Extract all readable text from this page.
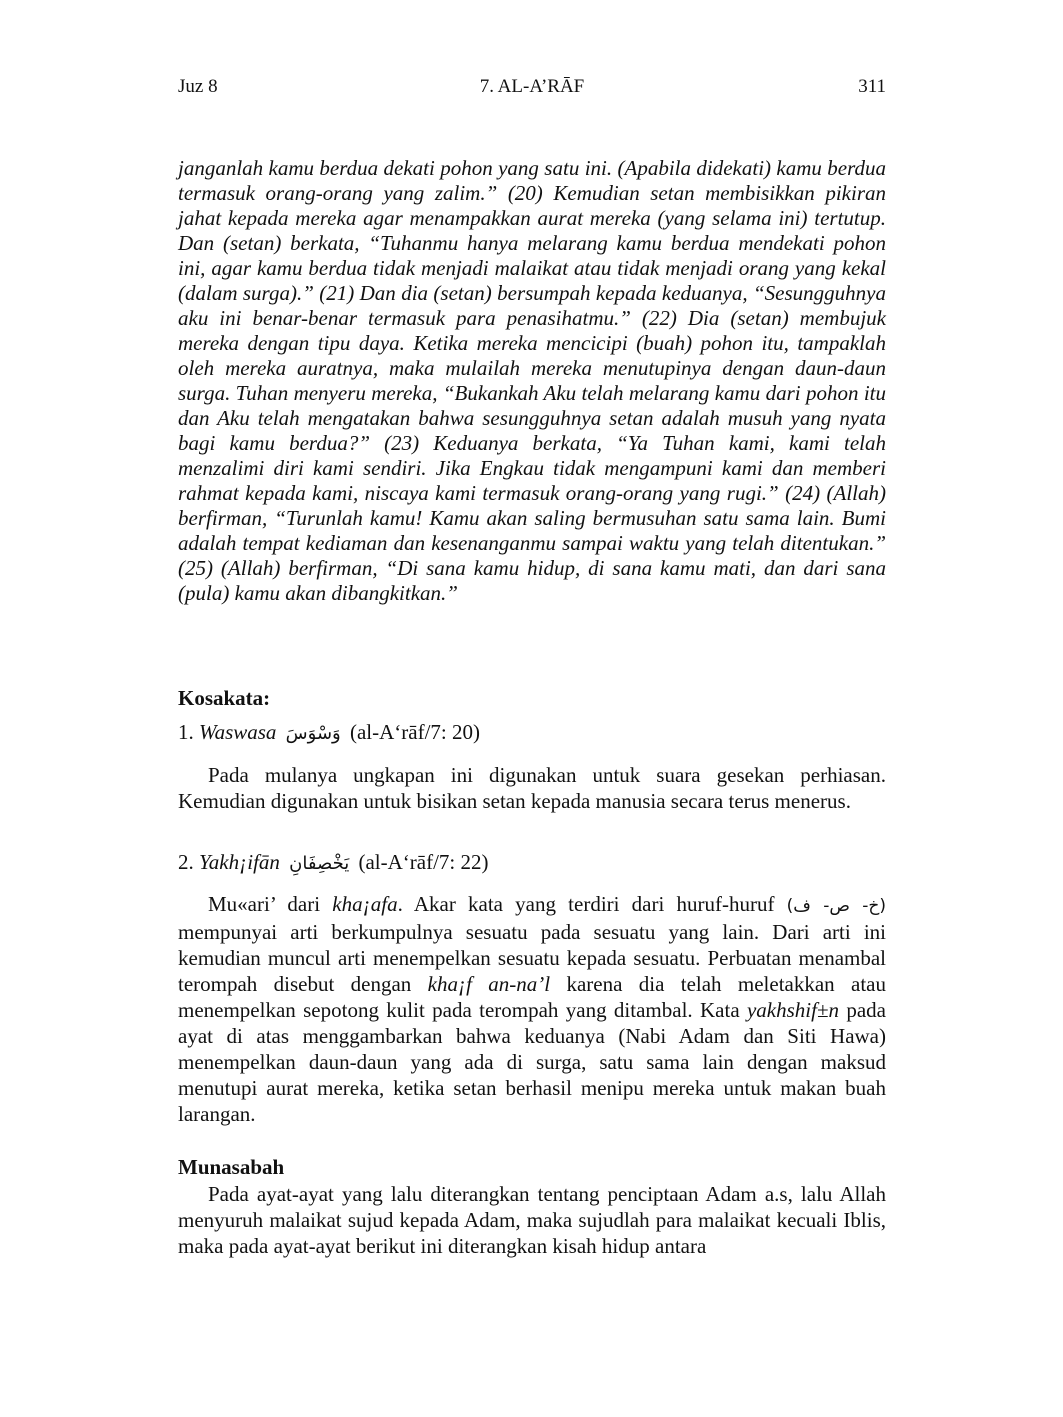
Juz 8	7. AL-A’RĀF	311

janganlah kamu berdua dekati pohon yang satu ini. (Apabila didekati) kamu berdua termasuk orang-orang yang zalim.” (20) Kemudian setan membisikkan pikiran jahat kepada mereka agar menampakkan aurat mereka (yang selama ini) tertutup. Dan (setan) berkata, “Tuhanmu hanya melarang kamu berdua mendekati pohon ini, agar kamu berdua tidak menjadi malaikat atau tidak menjadi orang yang kekal (dalam surga).” (21) Dan dia (setan) bersumpah kepada keduanya, “Sesungguhnya aku ini benar-benar termasuk para penasihatmu.” (22) Dia (setan) membujuk mereka dengan tipu daya. Ketika mereka mencicipi (buah) pohon itu, tampaklah oleh mereka auratnya, maka mulailah mereka menutupinya dengan daun-daun surga. Tuhan menyeru mereka, “Bukankah Aku telah melarang kamu dari pohon itu dan Aku telah mengatakan bahwa sesungguhnya setan adalah musuh yang nyata bagi kamu berdua?” (23) Keduanya berkata, “Ya Tuhan kami, kami telah menzalimi diri kami sendiri. Jika Engkau tidak mengampuni kami dan memberi rahmat kepada kami, niscaya kami termasuk orang-orang yang rugi.” (24) (Allah) berfirman, “Turunlah kamu! Kamu akan saling bermusuhan satu sama lain. Bumi adalah tempat kediaman dan kesenanganmu sampai waktu yang telah ditentukan.” (25) (Allah) berfirman, “Di sana kamu hidup, di sana kamu mati, dan dari sana (pula) kamu akan dibangkitkan.”

Kosakata:

1. Waswasa وَسْوَسَ (al-A‘rāf/7: 20)

Pada mulanya ungkapan ini digunakan untuk suara gesekan perhiasan. Kemudian digunakan untuk bisikan setan kepada manusia secara terus menerus.

2. Yakh¡ifān يَخْصِفَانِ (al-A‘rāf/7: 22)

Mu«ari’ dari kha¡afa. Akar kata yang terdiri dari huruf-huruf (خ- ص- ف) mempunyai arti berkumpulnya sesuatu pada sesuatu yang lain. Dari arti ini kemudian muncul arti menempelkan sesuatu kepada sesuatu. Perbuatan menambal terompah disebut dengan kha¡f an-na’l karena dia telah meletakkan atau menempelkan sepotong kulit pada terompah yang ditambal. Kata yakhshif±n pada ayat di atas menggambarkan bahwa keduanya (Nabi Adam dan Siti Hawa) menempelkan daun-daun yang ada di surga, satu sama lain dengan maksud menutupi aurat mereka, ketika setan berhasil menipu mereka untuk makan buah larangan.

Munasabah

Pada ayat-ayat yang lalu diterangkan tentang penciptaan Adam a.s, lalu Allah menyuruh malaikat sujud kepada Adam, maka sujudlah para malaikat kecuali Iblis, maka pada ayat-ayat berikut ini diterangkan kisah hidup antara
